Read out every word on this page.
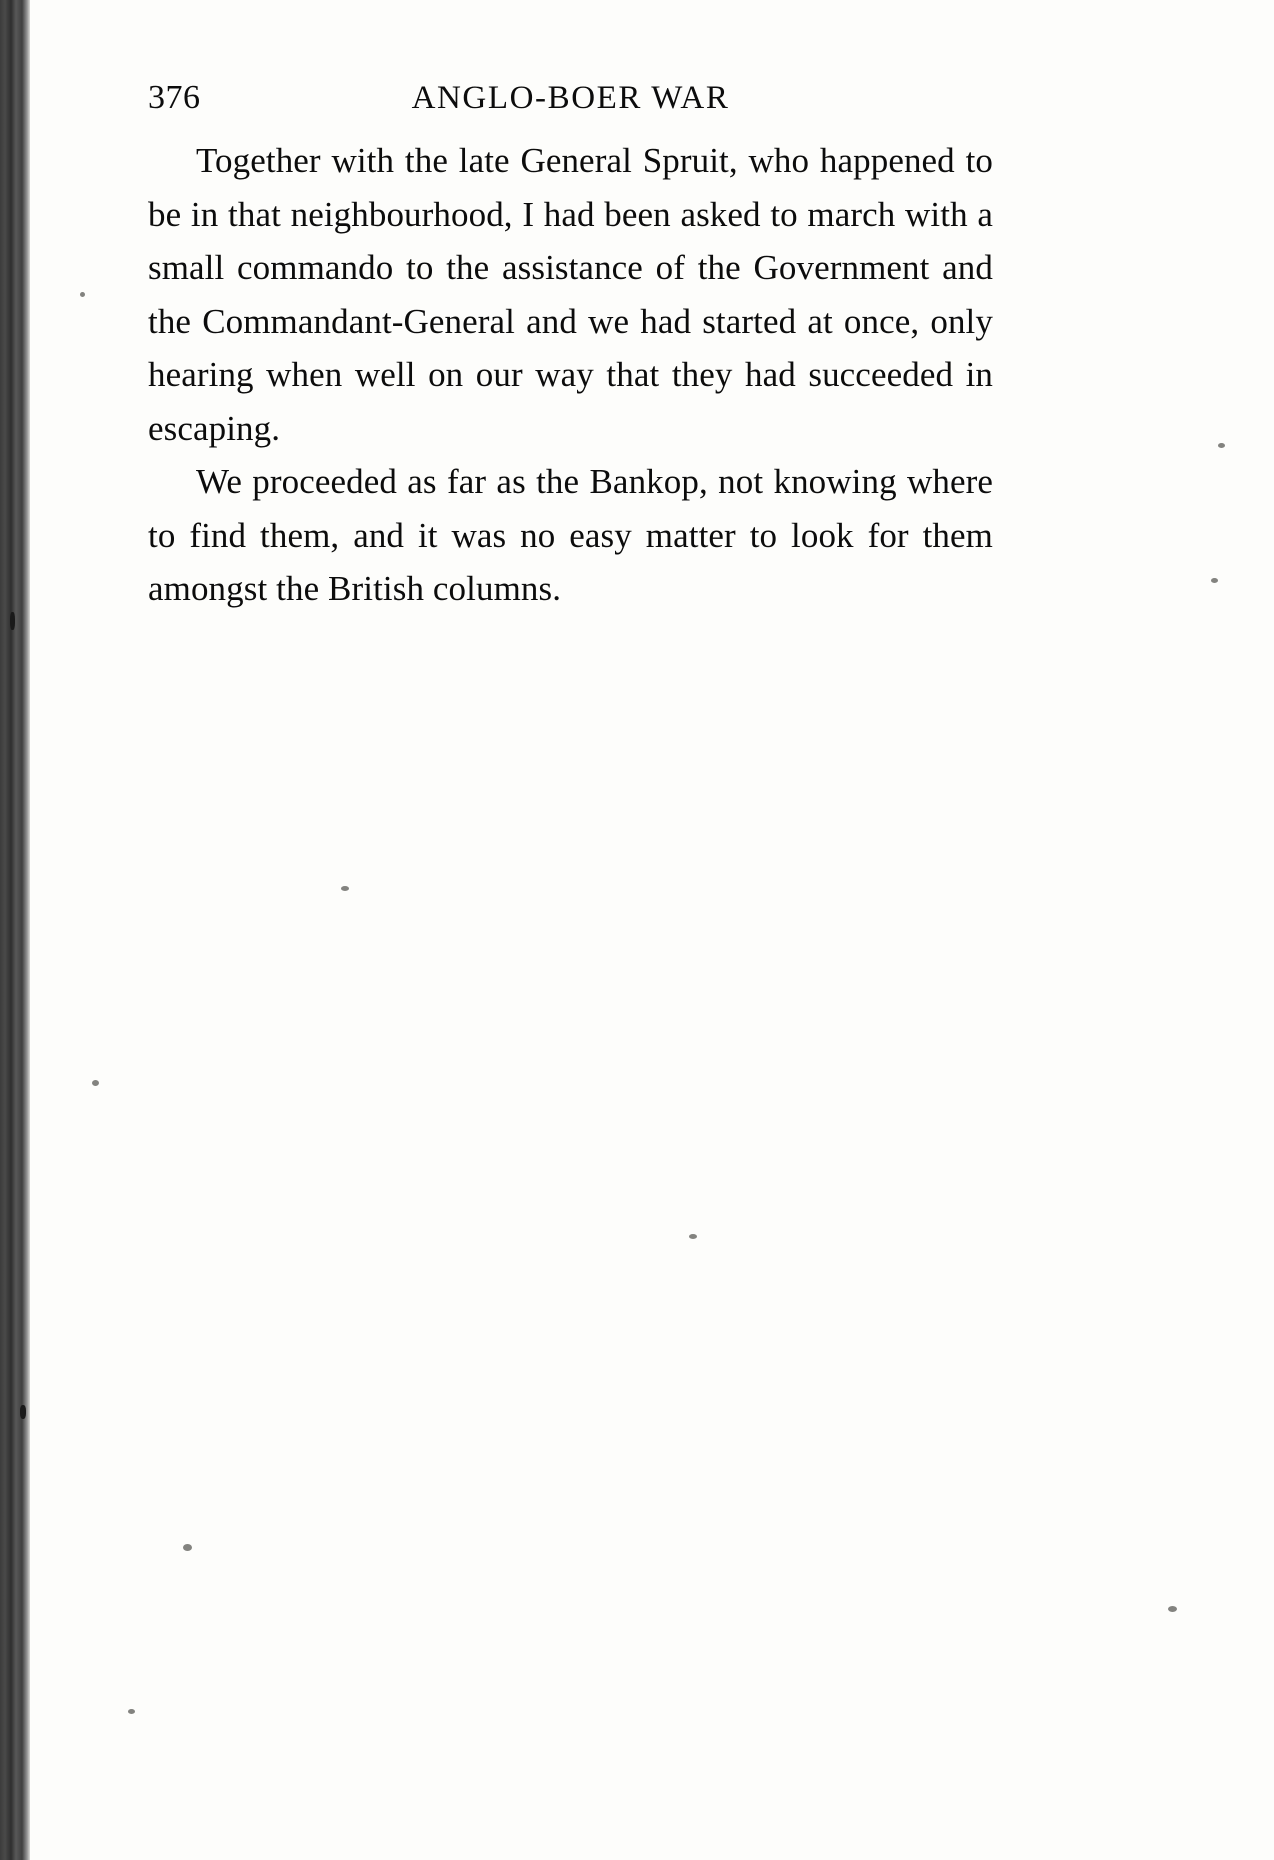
376	ANGLO-BOER WAR

Together with the late General Spruit, who happened to be in that neighbourhood, I had been asked to march with a small commando to the assistance of the Government and the Commandant-General and we had started at once, only hearing when well on our way that they had succeeded in escaping.

We proceeded as far as the Bankop, not knowing where to find them, and it was no easy matter to look for them amongst the British columns.
